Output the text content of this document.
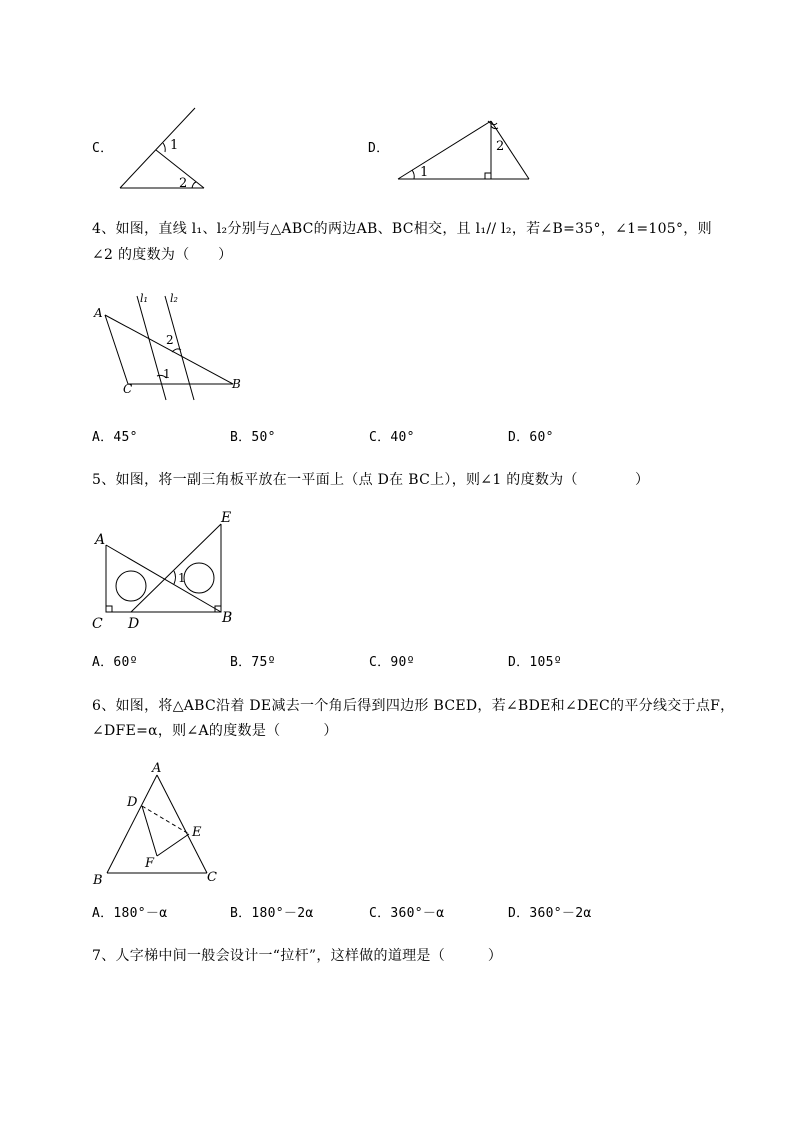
C．	1
2
D．
1
2
4、如图，直线 l₁、l₂分别与△ABC的两边AB、BC相交，且 l₁// l₂，若∠B=35°，∠1=105°，则
∠2 的度数为（　　）
A
B
C
l₁ l₂
1
2
A．45°	B．50°	C．40°	D．60°
5、如图，将一副三角板平放在一平面上（点 D在 BC上），则∠1 的度数为（　　　　）
A
B
C D
E
1
A．60º	B．75º	C．90º	D．105º
6、如图，将△ABC沿着 DE减去一个角后得到四边形 BCED，若∠BDE和∠DEC的平分线交于点F，
∠DFE=α，则∠A的度数是（　　　）
A
B	C
D
E
F
A．180°－α	B．180°－2α	C．360°－α	D．360°－2α
7、人字梯中间一般会设计一“拉杆”，这样做的道理是（　　　）
